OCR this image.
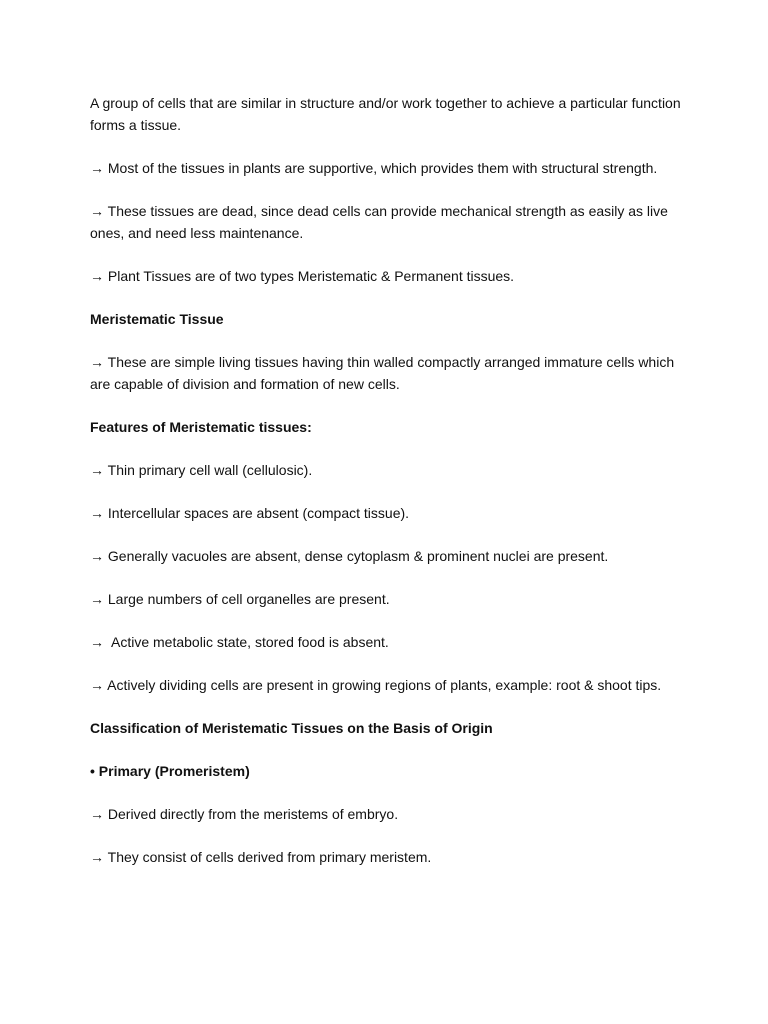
A group of cells that are similar in structure and/or work together to achieve a particular function forms a tissue.

→ Most of the tissues in plants are supportive, which provides them with structural strength.

→ These tissues are dead, since dead cells can provide mechanical strength as easily as live ones, and need less maintenance.

→ Plant Tissues are of two types Meristematic & Permanent tissues.

Meristematic Tissue

→ These are simple living tissues having thin walled compactly arranged immature cells which are capable of division and formation of new cells.

Features of Meristematic tissues:

→ Thin primary cell wall (cellulosic).

→ Intercellular spaces are absent (compact tissue).

→ Generally vacuoles are absent, dense cytoplasm & prominent nuclei are present.

→ Large numbers of cell organelles are present.

→  Active metabolic state, stored food is absent.

→ Actively dividing cells are present in growing regions of plants, example: root & shoot tips.

Classification of Meristematic Tissues on the Basis of Origin

• Primary (Promeristem)

→ Derived directly from the meristems of embryo.

→ They consist of cells derived from primary meristem.
